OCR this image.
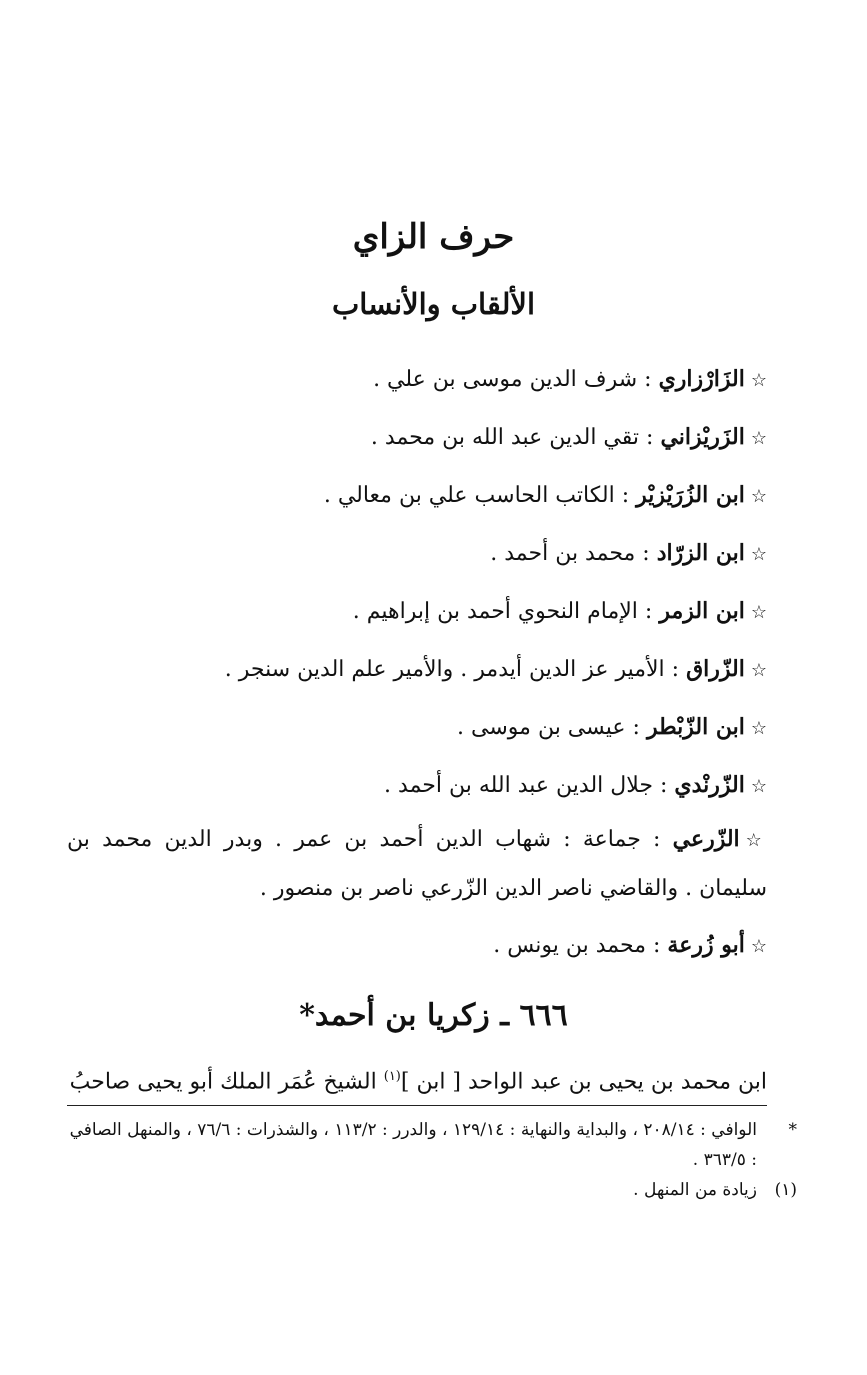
حرف الزاي
الألقاب والأنساب
☆الزَارْزاري : شرف الدين موسى بن علي .
☆الزَريْزاني : تقي الدين عبد الله بن محمد .
☆ابن الزُرَيْزيْر : الكاتب الحاسب علي بن معالي .
☆ابن الزرّاد : محمد بن أحمد .
☆ابن الزمر : الإمام النحوي أحمد بن إبراهيم .
☆الزّراق : الأمير عز الدين أيدمر . والأمير علم الدين سنجر .
☆ابن الزّبْطر : عيسى بن موسى .
☆الزّرنْدي : جلال الدين عبد الله بن أحمد .
☆الزّرعي : جماعة : شهاب الدين أحمد بن عمر . وبدر الدين محمد بن سليمان . والقاضي ناصر الدين الزّرعي ناصر بن منصور .
☆أبو زُرعة : محمد بن يونس .
٦٦٦ ـ زكريا بن أحمد*
ابن محمد بن يحيى بن عبد الواحد [ ابن ]$^{(١)}$ الشيخ عُمَر الملك أبو يحيى صاحبُ
*
الوافي : ٢٠٨/١٤ ، والبداية والنهاية : ١٢٩/١٤ ، والدرر : ١١٣/٢ ، والشذرات : ٧٦/٦ ، والمنهل الصافي : ٣٦٣/٥ .
(١)
زيادة من المنهل .
